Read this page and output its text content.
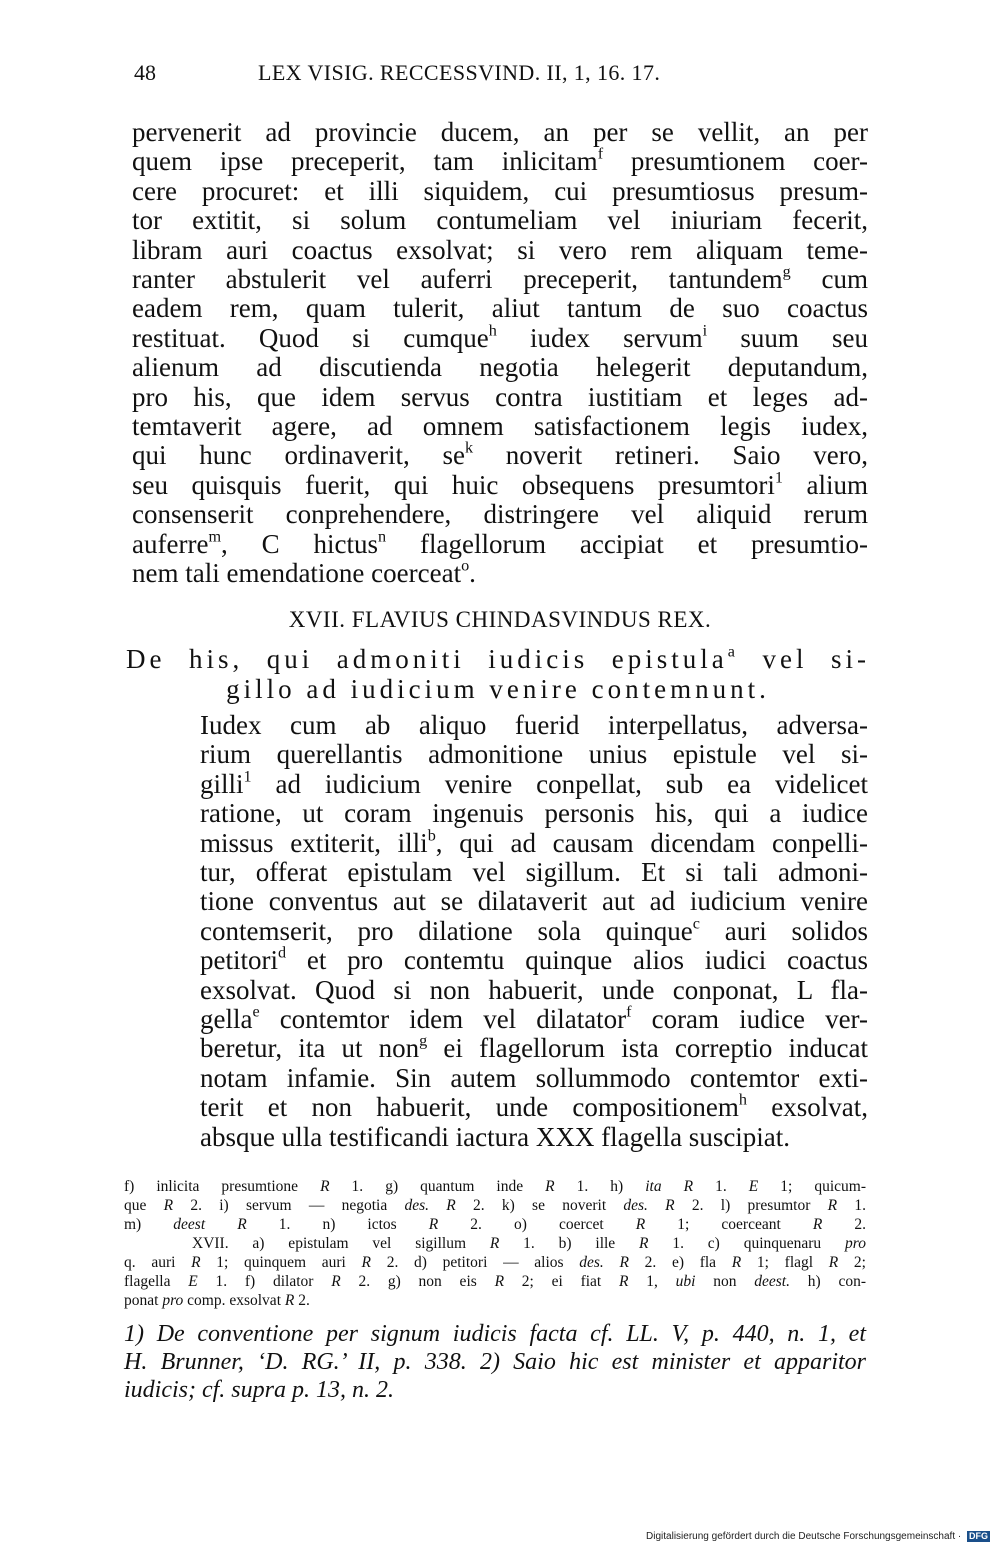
48	LEX VISIG. RECCESSVIND. II, 1, 16. 17.
pervenerit ad provincie ducem, an per se vellit, an per
quem ipse preceperit, tam inlicitam$^f$ presumtionem coer-
cere procuret: et illi siquidem, cui presumtiosus presum-
tor extitit, si solum contumeliam vel iniuriam fecerit,
libram auri coactus exsolvat; si vero rem aliquam teme-
ranter abstulerit vel auferri preceperit, tantundem$^g$ cum
eadem rem, quam tulerit, aliut tantum de suo coactus
restituat. Quod si cumque$^h$ iudex servum$^i$ suum seu
alienum ad discutienda negotia helegerit deputandum,
pro his, que idem servus contra iustitiam et leges ad-
temtaverit agere, ad omnem satisfactionem legis iudex,
qui hunc ordinaverit, $se^k$ noverit retineri. Saio vero,
seu quisquis fuerit, qui huic obsequens presumtori$^1$ alium
consenserit conprehendere, distringere vel aliquid rerum
auferre$^m$, C hictus$^n$ flagellorum accipiat et presumtio-
nem tali emendatione coerceat$^o$.
XVII. FLAVIUS CHINDASVINDUS REX.
De his, qui admoniti iudicis epistula$^a$ vel si-
gillo ad iudicium venire contemnunt.
Iudex cum ab aliquo fuerid interpellatus, adversa-
rium querellantis admonitione unius epistule vel si-
gilli$^1$ ad iudicium venire conpellat, sub ea videlicet
ratione, ut coram ingenuis personis his, qui a iudice
missus extiterit, illi$^b$, qui ad causam dicendam conpelli-
tur, offerat epistulam vel sigillum. Et si tali admoni-
tione conventus aut se dilataverit aut ad iudicium venire
contemserit, pro dilatione sola quinque$^c$ auri solidos
petitori$^d$ et pro contemtu quinque alios iudici coactus
exsolvat. Quod si non habuerit, unde conponat, L fla-
gella$^e$ contemtor idem vel dilatator$^f$ coram iudice ver-
beretur, ita ut non$^g$ ei flagellorum ista correptio inducat
notam infamie. Sin autem sollummodo contemtor exti-
terit et non habuerit, unde compositionem$^h$ exsolvat,
absque ulla testificandi iactura XXX flagella suscipiat.
f) inlicita presumtione R 1. g) quantum inde R 1. h) ita R 1. E 1; quicum-
que R 2. i) servum — negotia des. R 2. k) se noverit des. R 2. l) presumtor R 1.
m) deest R 1. n) ictos R 2. o) coercet R 1; coerceant R 2.
XVII. a) epistulam vel sigillum R 1. b) ille R 1. c) quinquenaru pro
q. auri R 1; quinquem auri R 2. d) petitori — alios des. R 2. e) fla R 1; flagl R 2;
flagella E 1. f) dilator R 2. g) non eis R 2; ei fiat R 1, ubi non deest. h) con-
ponat pro comp. exsolvat R 2.
1) De conventione per signum iudicis facta cf. LL. V, p. 440, n. 1, et
H. Brunner, ‘D. RG.’ II, p. 338. 2) Saio hic est minister et apparitor
iudicis; cf. supra p. 13, n. 2.
Digitalisierung gefördert durch die Deutsche Forschungsgemeinschaft · DFG
